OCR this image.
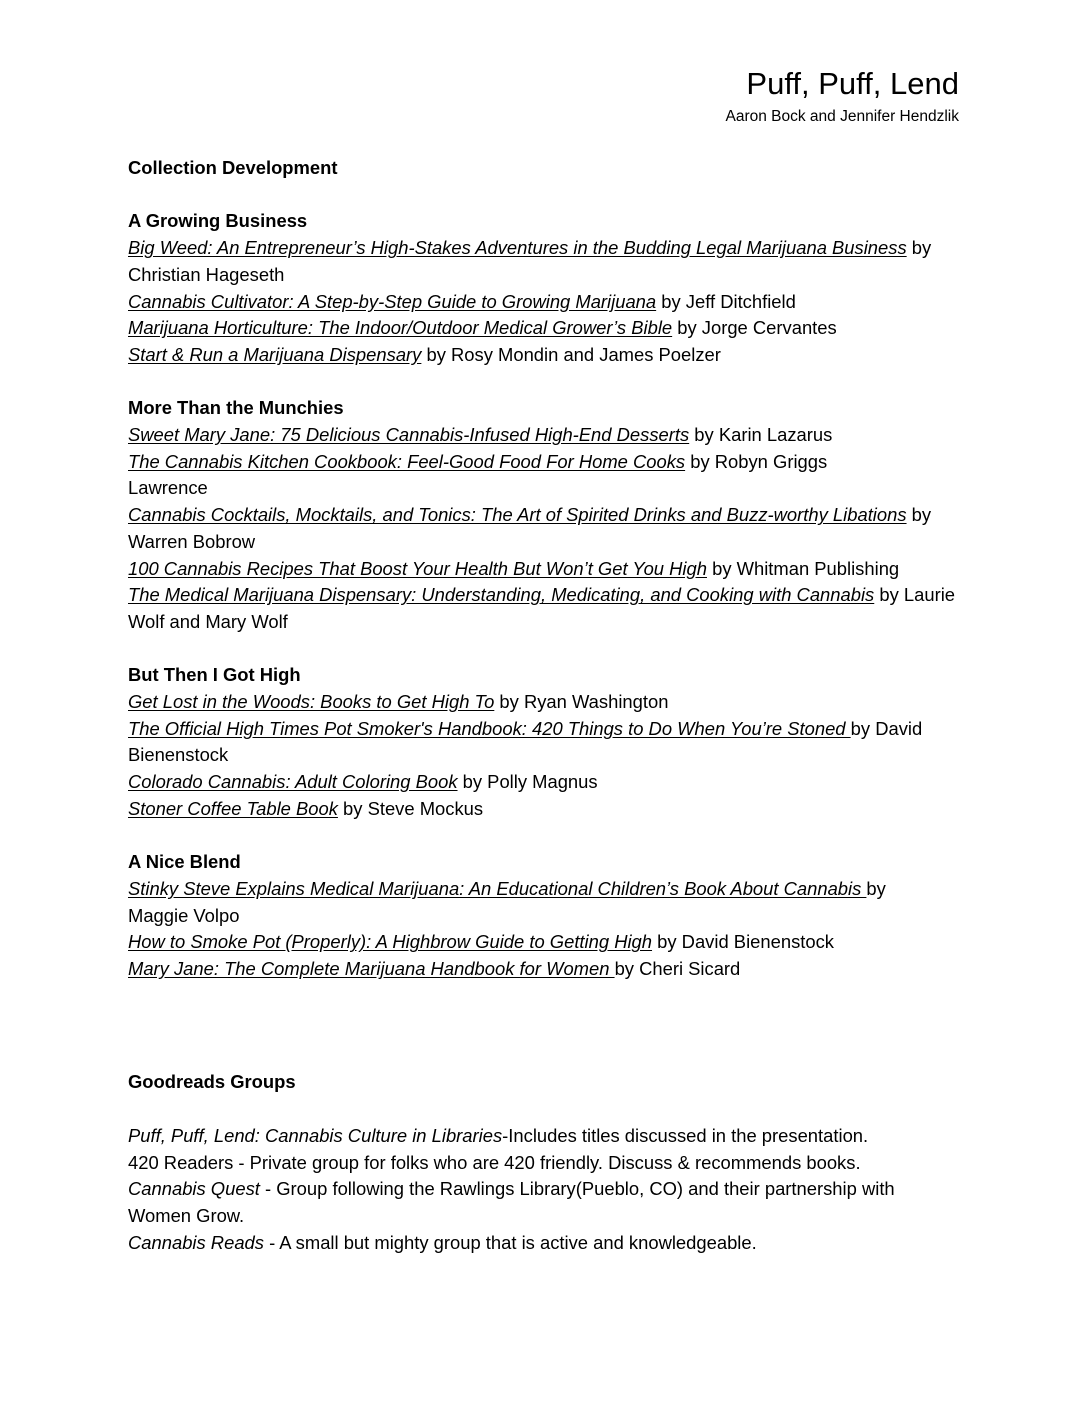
Puff, Puff, Lend
Aaron Bock and Jennifer Hendzlik
Collection Development
A Growing Business
Big Weed: An Entrepreneur’s High-Stakes Adventures in the Budding Legal Marijuana Business by Christian Hageseth
Cannabis Cultivator: A Step-by-Step Guide to Growing Marijuana by Jeff Ditchfield
Marijuana Horticulture: The Indoor/Outdoor Medical Grower’s Bible by Jorge Cervantes
Start & Run a Marijuana Dispensary by Rosy Mondin and James Poelzer
More Than the Munchies
Sweet Mary Jane: 75 Delicious Cannabis-Infused High-End Desserts by Karin Lazarus
The Cannabis Kitchen Cookbook: Feel-Good Food For Home Cooks by Robyn Griggs Lawrence
Cannabis Cocktails, Mocktails, and Tonics: The Art of Spirited Drinks and Buzz-worthy Libations by Warren Bobrow
100 Cannabis Recipes That Boost Your Health But Won’t Get You High by Whitman Publishing
The Medical Marijuana Dispensary: Understanding, Medicating, and Cooking with Cannabis by Laurie Wolf and Mary Wolf
But Then I Got High
Get Lost in the Woods: Books to Get High To by Ryan Washington
The Official High Times Pot Smoker's Handbook: 420 Things to Do When You’re Stoned by David Bienenstock
Colorado Cannabis: Adult Coloring Book by Polly Magnus
Stoner Coffee Table Book by Steve Mockus
A Nice Blend
Stinky Steve Explains Medical Marijuana: An Educational Children’s Book About Cannabis by Maggie Volpo
How to Smoke Pot (Properly): A Highbrow Guide to Getting High by David Bienenstock
Mary Jane: The Complete Marijuana Handbook for Women by Cheri Sicard
Goodreads Groups
Puff, Puff, Lend: Cannabis Culture in Libraries-Includes titles discussed in the presentation.
420 Readers - Private group for folks who are 420 friendly. Discuss & recommends books.
Cannabis Quest - Group following the Rawlings Library(Pueblo, CO) and their partnership with Women Grow.
Cannabis Reads - A small but mighty group that is active and knowledgeable.
